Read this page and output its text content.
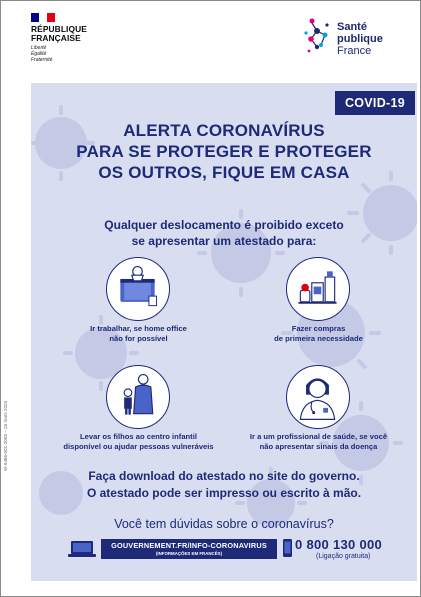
RÉPUBLIQUE
FRANÇAISE
Liberté
Égalité
Fraternité
Santé
publique
France
COVID-19
ALERTA CORONAVÍRUS
PARA SE PROTEGER E PROTEGER
OS OUTROS, FIQUE EM CASA
Qualquer deslocamento é proibido exceto
se apresentar um atestado para:
Ir trabalhar, se home office
não for possível
Fazer compras
de primeira necessidade
Levar os filhos ao centro infantil
disponível ou ajudar pessoas vulneráveis
Ir a um profissional de saúde, se você
não apresentar sinais da doença
Faça download do atestado no site do governo.
O atestado pode ser impresso ou escrito à mão.
Você tem dúvidas sobre o coronavírus?
GOUVERNEMENT.FR/INFO-CORONAVIRUS
(INFORMAÇÕES EM FRANCÊS)
0 800 130 000
(Ligação gratuita)
W-0486-001-2003 – 25 mars 2020
